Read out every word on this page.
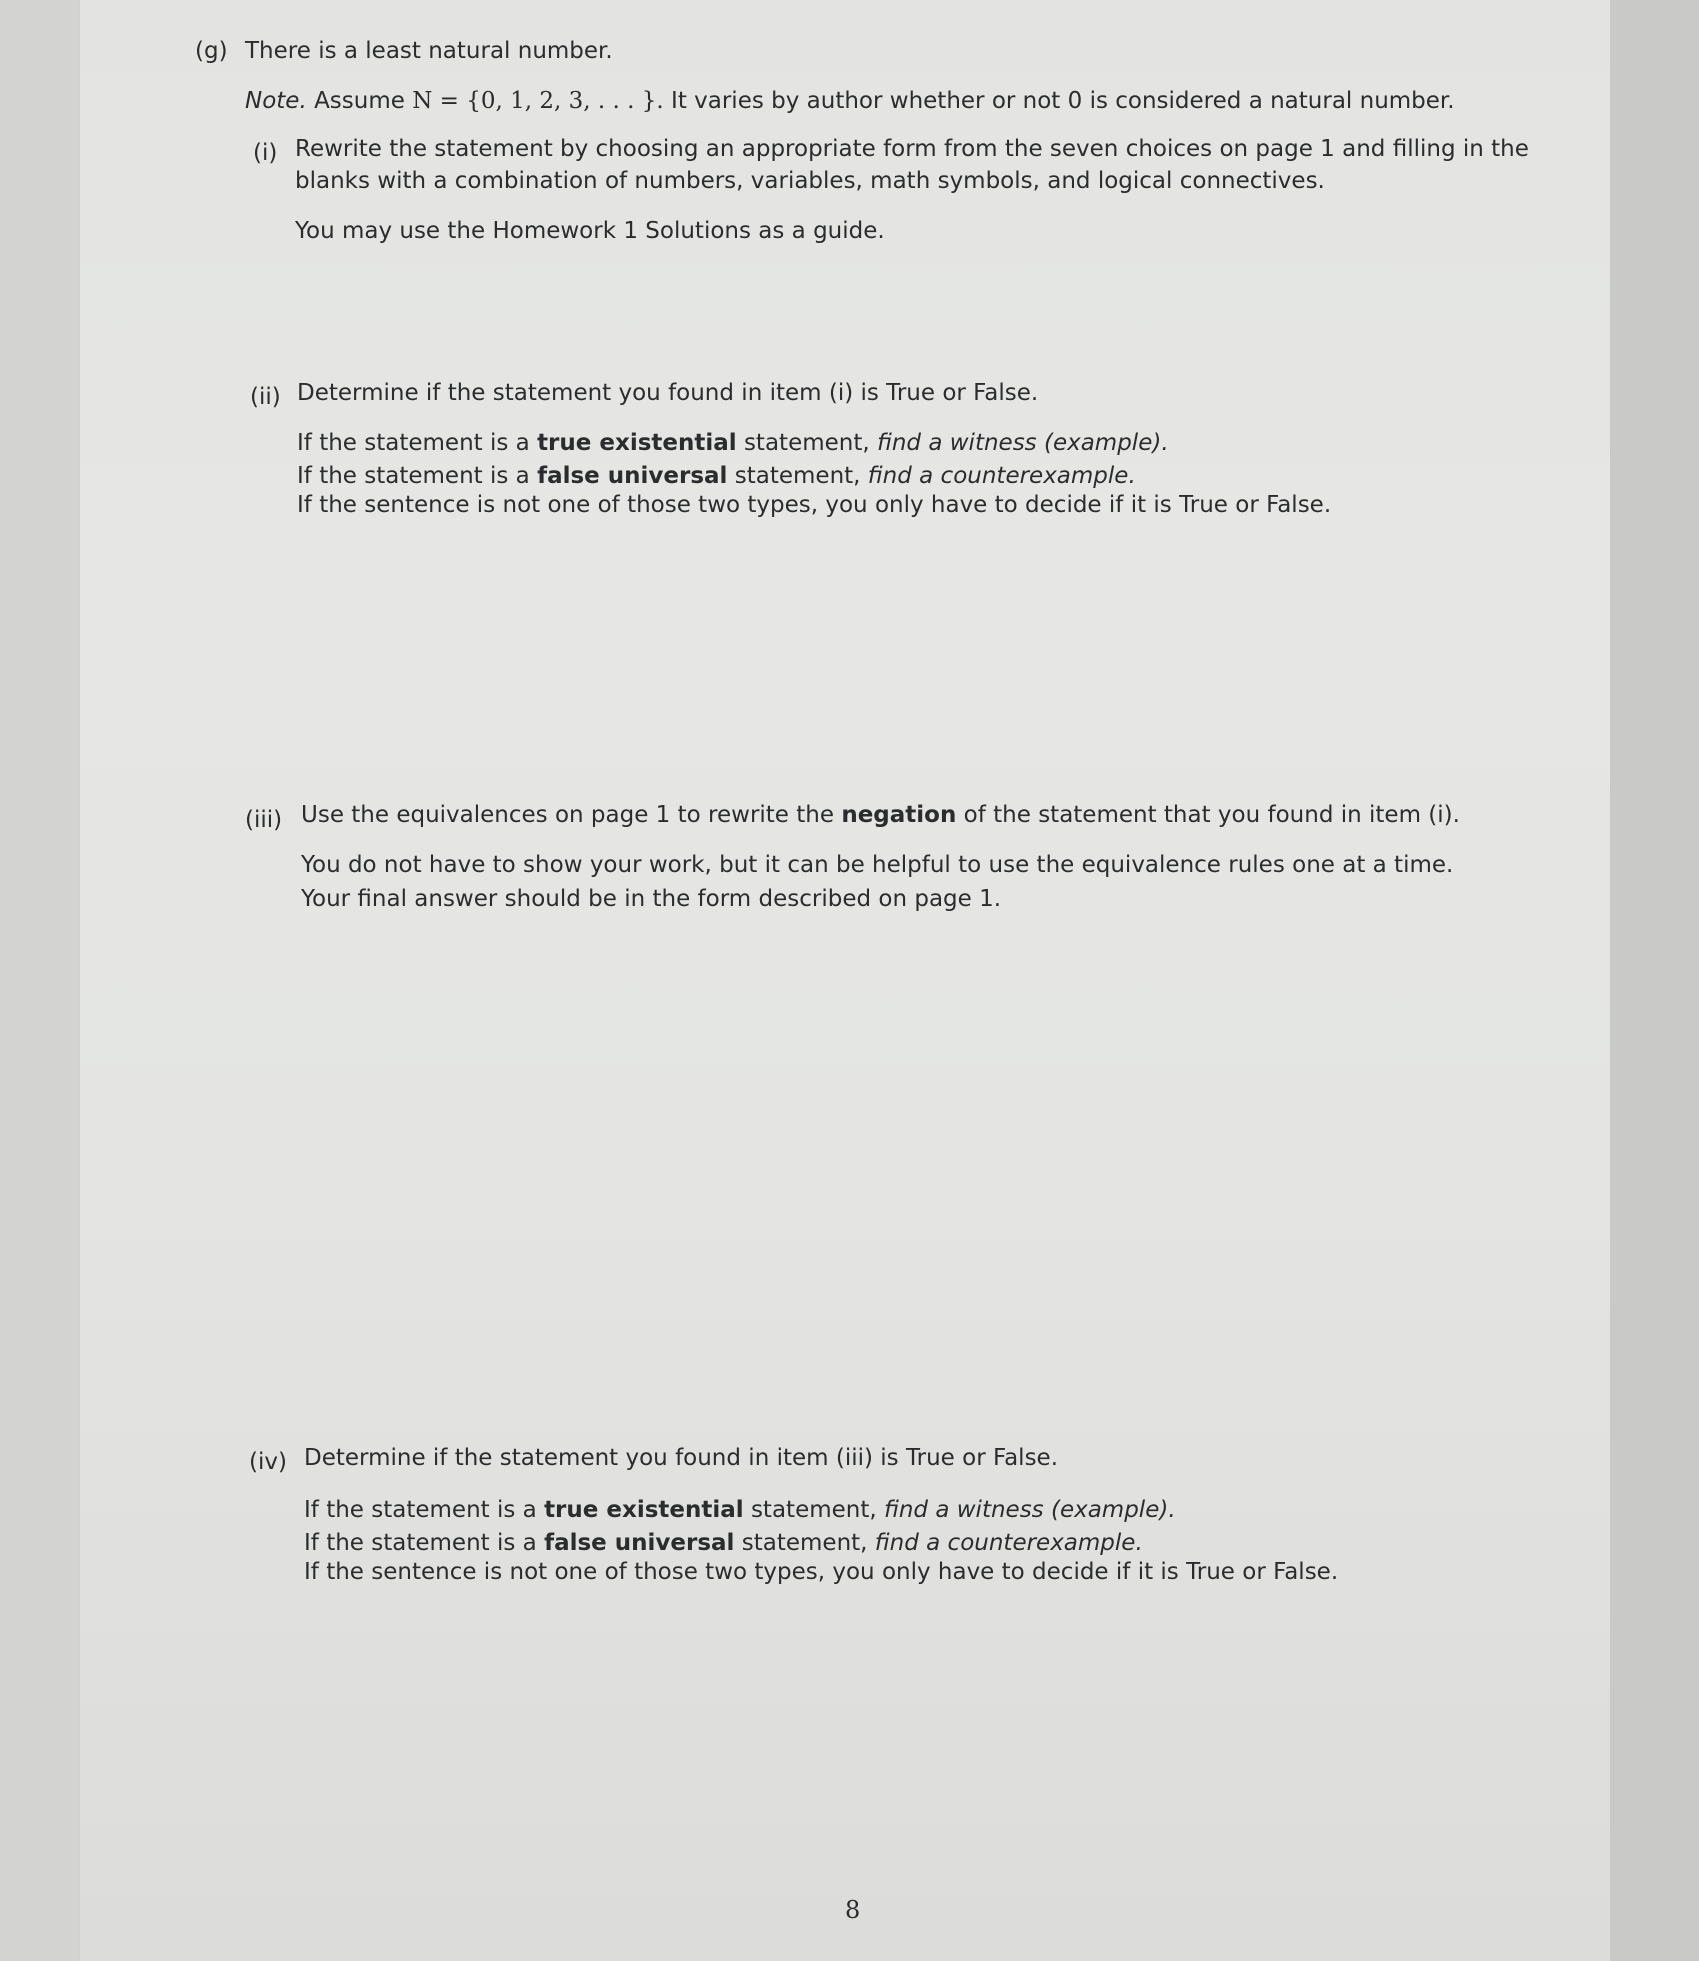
(g) There is a least natural number.
Note. Assume N = {0, 1, 2, 3, . . . }. It varies by author whether or not 0 is considered a natural number.
(i) Rewrite the statement by choosing an appropriate form from the seven choices on page 1 and filling in the
blanks with a combination of numbers, variables, math symbols, and logical connectives.
You may use the Homework 1 Solutions as a guide.
(ii) Determine if the statement you found in item (i) is True or False.
If the statement is a true existential statement, find a witness (example).
If the statement is a false universal statement, find a counterexample.
If the sentence is not one of those two types, you only have to decide if it is True or False.
(iii) Use the equivalences on page 1 to rewrite the negation of the statement that you found in item (i).
You do not have to show your work, but it can be helpful to use the equivalence rules one at a time.
Your final answer should be in the form described on page 1.
(iv) Determine if the statement you found in item (iii) is True or False.
If the statement is a true existential statement, find a witness (example).
If the statement is a false universal statement, find a counterexample.
If the sentence is not one of those two types, you only have to decide if it is True or False.
8
